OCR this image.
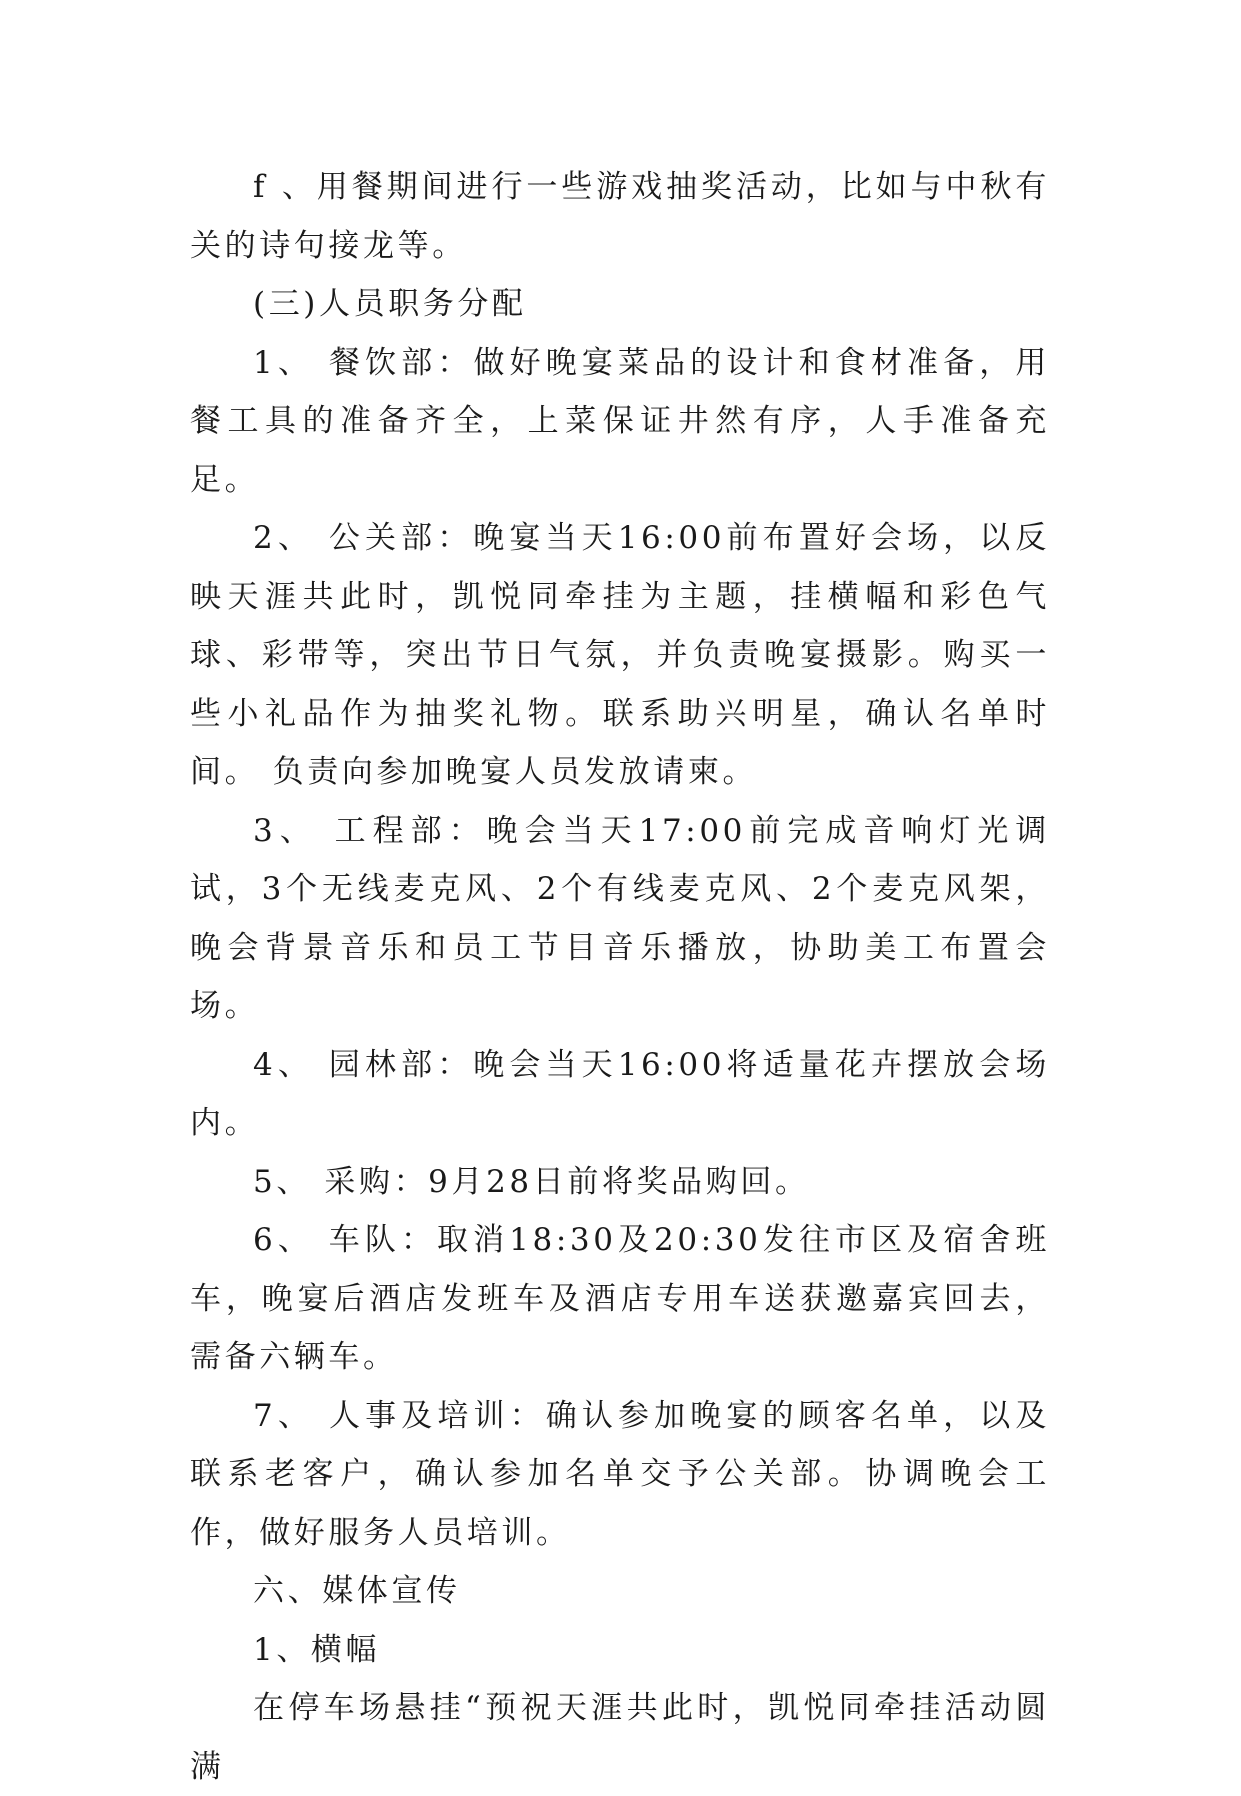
f 、用餐期间进行一些游戏抽奖活动，比如与中秋有关的诗句接龙等。

(三)人员职务分配

1、 餐饮部：做好晚宴菜品的设计和食材准备，用餐工具的准备齐全，上菜保证井然有序，人手准备充足。

2、 公关部：晚宴当天16:00前布置好会场，以反映天涯共此时，凯悦同牵挂为主题，挂横幅和彩色气球、彩带等，突出节日气氛，并负责晚宴摄影。购买一些小礼品作为抽奖礼物。联系助兴明星，确认名单时间。 负责向参加晚宴人员发放请柬。

3、 工程部：晚会当天17:00前完成音响灯光调试，3个无线麦克风、2个有线麦克风、2个麦克风架，晚会背景音乐和员工节目音乐播放，协助美工布置会场。

4、 园林部：晚会当天16:00将适量花卉摆放会场内。

5、 采购：9月28日前将奖品购回。

6、 车队：取消18:30及20:30发往市区及宿舍班车，晚宴后酒店发班车及酒店专用车送获邀嘉宾回去，需备六辆车。

7、 人事及培训：确认参加晚宴的顾客名单，以及联系老客户，确认参加名单交予公关部。协调晚会工作，做好服务人员培训。

六、媒体宣传

1、横幅

在停车场悬挂“预祝天涯共此时，凯悦同牵挂活动圆满
